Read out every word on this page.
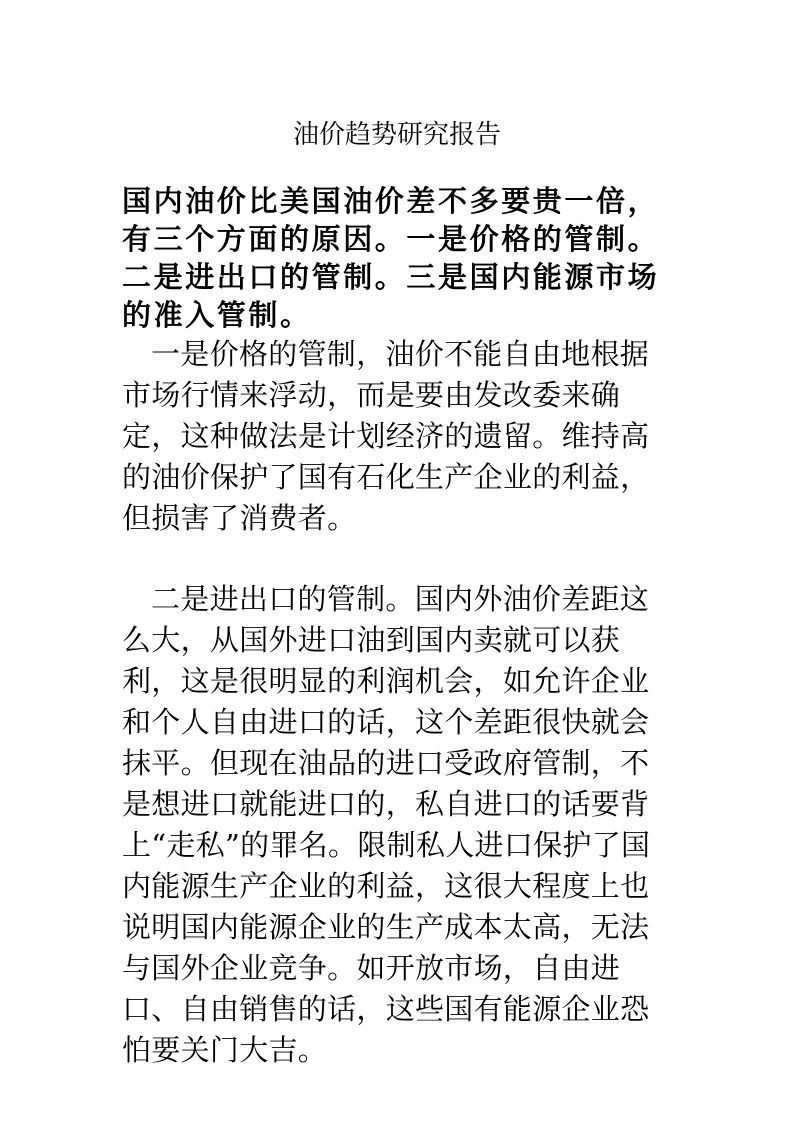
油价趋势研究报告

国内油价比美国油价差不多要贵一倍，有三个方面的原因。一是价格的管制。二是进出口的管制。三是国内能源市场的准入管制。

一是价格的管制，油价不能自由地根据市场行情来浮动，而是要由发改委来确定，这种做法是计划经济的遗留。维持高的油价保护了国有石化生产企业的利益，但损害了消费者。

二是进出口的管制。国内外油价差距这么大，从国外进口油到国内卖就可以获利，这是很明显的利润机会，如允许企业和个人自由进口的话，这个差距很快就会抹平。但现在油品的进口受政府管制，不是想进口就能进口的，私自进口的话要背上“走私”的罪名。限制私人进口保护了国内能源生产企业的利益，这很大程度上也说明国内能源企业的生产成本太高，无法与国外企业竞争。如开放市场，自由进口、自由销售的话，这些国有能源企业恐怕要关门大吉。
